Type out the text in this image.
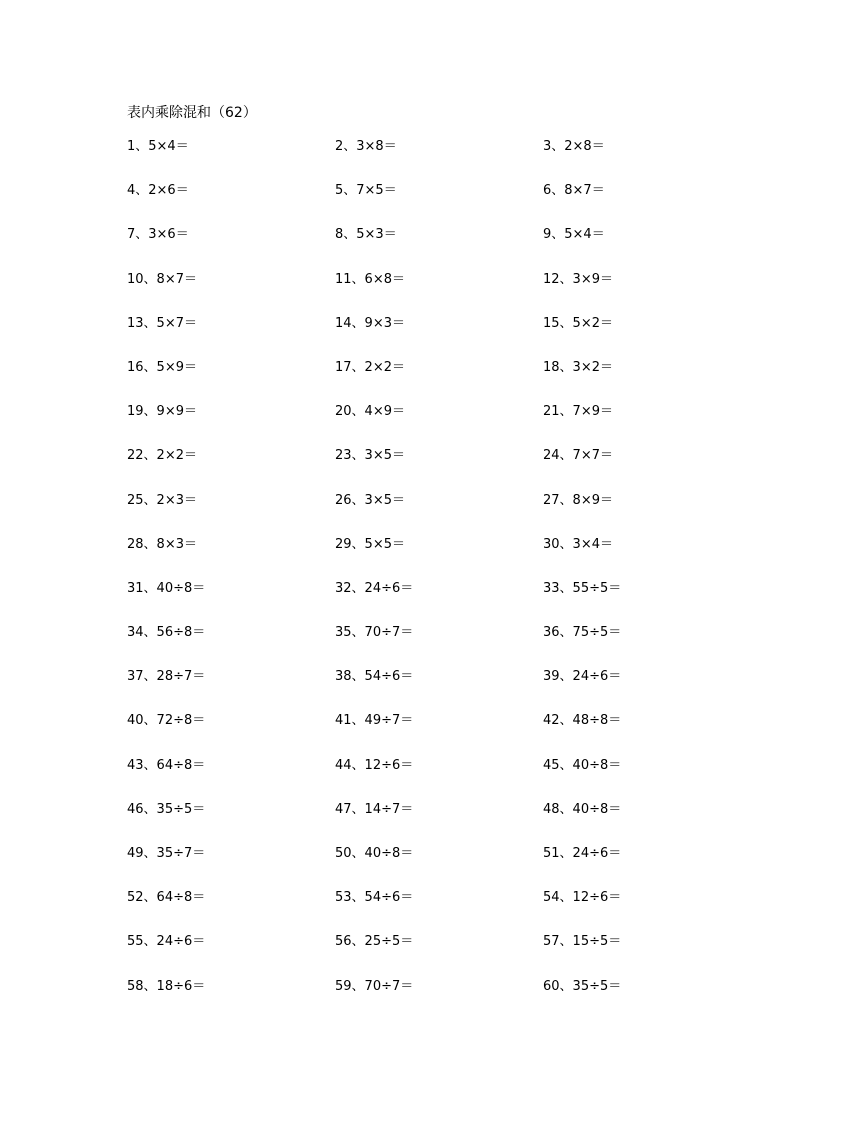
表内乘除混和（62）
1、5×4＝	2、3×8＝	3、2×8＝
4、2×6＝	5、7×5＝	6、8×7＝
7、3×6＝	8、5×3＝	9、5×4＝
10、8×7＝	11、6×8＝	12、3×9＝
13、5×7＝	14、9×3＝	15、5×2＝
16、5×9＝	17、2×2＝	18、3×2＝
19、9×9＝	20、4×9＝	21、7×9＝
22、2×2＝	23、3×5＝	24、7×7＝
25、2×3＝	26、3×5＝	27、8×9＝
28、8×3＝	29、5×5＝	30、3×4＝
31、40÷8＝	32、24÷6＝	33、55÷5＝
34、56÷8＝	35、70÷7＝	36、75÷5＝
37、28÷7＝	38、54÷6＝	39、24÷6＝
40、72÷8＝	41、49÷7＝	42、48÷8＝
43、64÷8＝	44、12÷6＝	45、40÷8＝
46、35÷5＝	47、14÷7＝	48、40÷8＝
49、35÷7＝	50、40÷8＝	51、24÷6＝
52、64÷8＝	53、54÷6＝	54、12÷6＝
55、24÷6＝	56、25÷5＝	57、15÷5＝
58、18÷6＝	59、70÷7＝	60、35÷5＝
